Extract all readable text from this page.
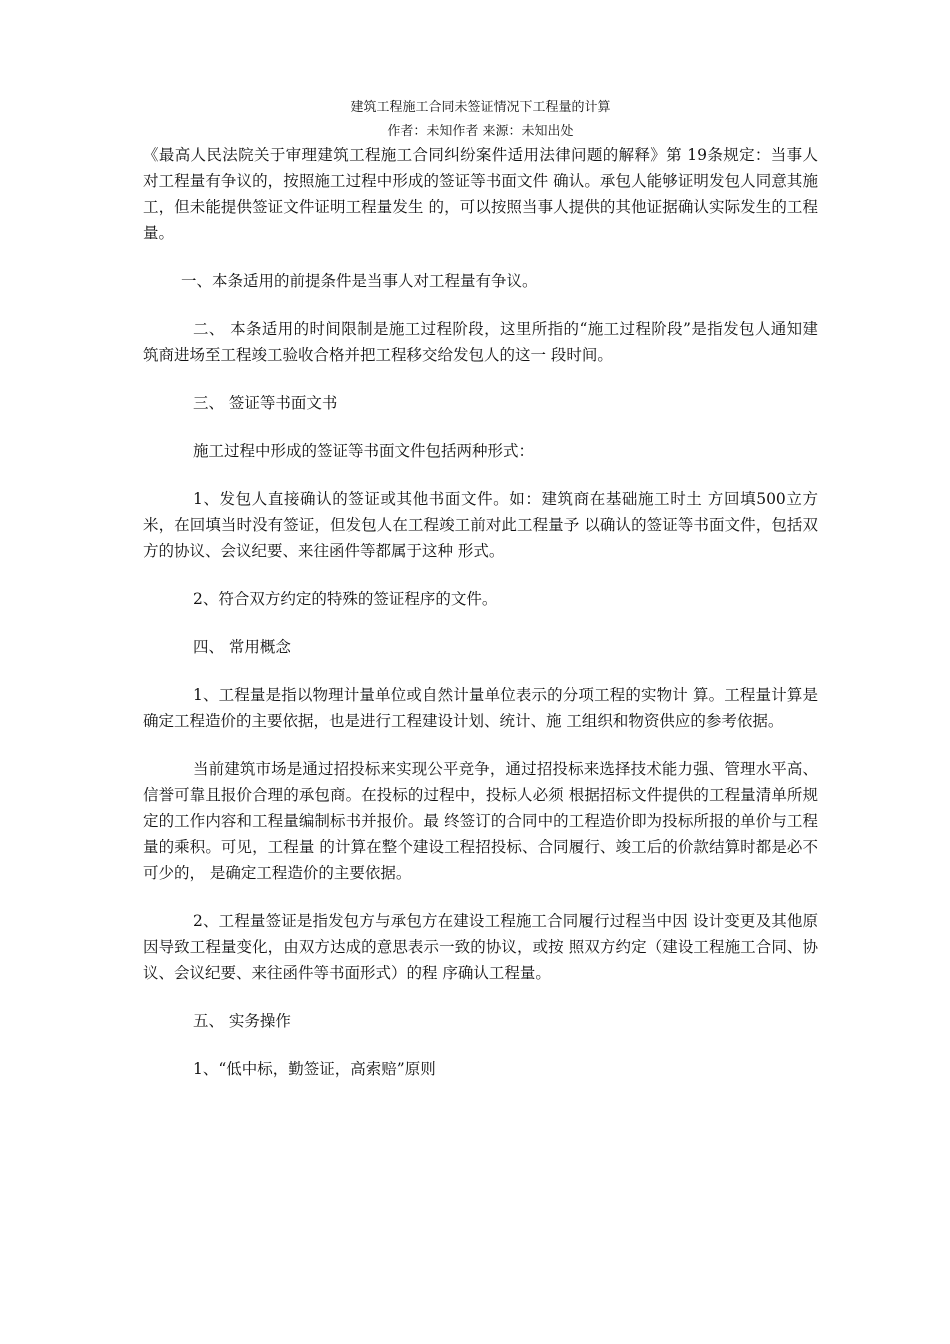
建筑工程施工合同未签证情况下工程量的计算
作者：未知作者 来源：未知出处

《最高人民法院关于审理建筑工程施工合同纠纷案件适用法律问题的解释》第 19条规定：当事人对工程量有争议的，按照施工过程中形成的签证等书面文件 确认。承包人能够证明发包人同意其施工，但未能提供签证文件证明工程量发生 的，可以按照当事人提供的其他证据确认实际发生的工程量。

一、本条适用的前提条件是当事人对工程量有争议。

二、 本条适用的时间限制是施工过程阶段，这里所指的“施工过程阶段”是指发包人通知建筑商进场至工程竣工验收合格并把工程移交给发包人的这一 段时间。

三、 签证等书面文书

施工过程中形成的签证等书面文件包括两种形式：

1、发包人直接确认的签证或其他书面文件。如：建筑商在基础施工时土 方回填500立方米，在回填当时没有签证，但发包人在工程竣工前对此工程量予 以确认的签证等书面文件，包括双方的协议、会议纪要、来往函件等都属于这种 形式。

2、符合双方约定的特殊的签证程序的文件。

四、 常用概念

1、工程量是指以物理计量单位或自然计量单位表示的分项工程的实物计 算。工程量计算是确定工程造价的主要依据，也是进行工程建设计划、统计、施 工组织和物资供应的参考依据。

当前建筑市场是通过招投标来实现公平竞争，通过招投标来选择技术能力强、管理水平高、信誉可靠且报价合理的承包商。在投标的过程中，投标人必须 根据招标文件提供的工程量清单所规定的工作内容和工程量编制标书并报价。最 终签订的合同中的工程造价即为投标所报的单价与工程量的乘积。可见，工程量 的计算在整个建设工程招投标、合同履行、竣工后的价款结算时都是必不可少的， 是确定工程造价的主要依据。

2、工程量签证是指发包方与承包方在建设工程施工合同履行过程当中因 设计变更及其他原因导致工程量变化，由双方达成的意思表示一致的协议，或按 照双方约定（建设工程施工合同、协议、会议纪要、来往函件等书面形式）的程 序确认工程量。

五、 实务操作

1、“低中标，勤签证，高索赔”原则
